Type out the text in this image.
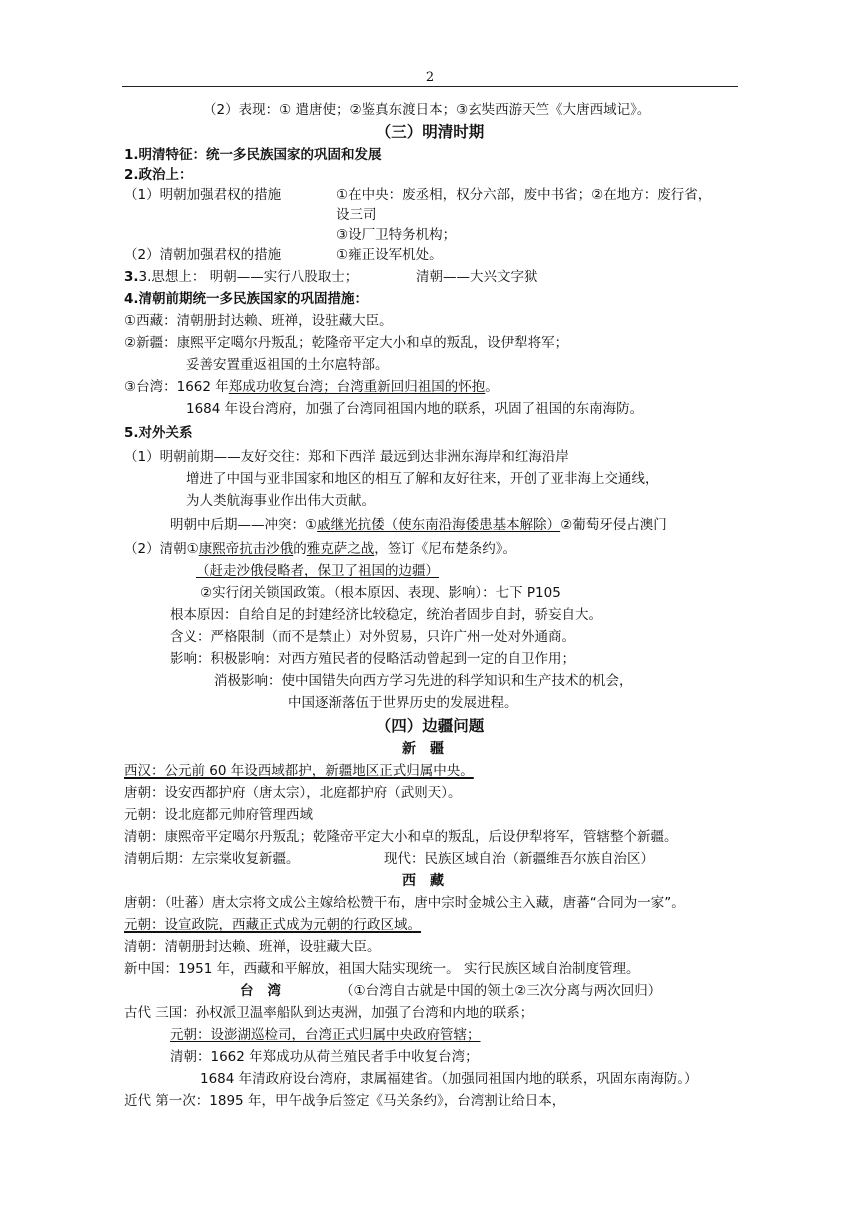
2
（2）表现：① 遣唐使；②鉴真东渡日本；③玄奘西游天竺《大唐西域记》。
（三）明清时期
1.明清特征：统一多民族国家的巩固和发展
2.政治上：
（1）明朝加强君权的措施	①在中央：废丞相，权分六部，废中书省；②在地方：废行省，
设三司
③设厂卫特务机构；
（2）清朝加强君权的措施	①雍正设军机处。
3.3.思想上： 明朝——实行八股取士；	清朝——大兴文字狱
4.清朝前期统一多民族国家的巩固措施：
①西藏：清朝册封达赖、班禅，设驻藏大臣。
②新疆：康熙平定噶尔丹叛乱；乾隆帝平定大小和卓的叛乱，设伊犁将军；
妥善安置重返祖国的土尔扈特部。
③台湾：1662 年郑成功收复台湾；台湾重新回归祖国的怀抱。
1684 年设台湾府，加强了台湾同祖国内地的联系，巩固了祖国的东南海防。
5.对外关系
（1）明朝前期——友好交往：郑和下西洋 最远到达非洲东海岸和红海沿岸
增进了中国与亚非国家和地区的相互了解和友好往来，开创了亚非海上交通线，
为人类航海事业作出伟大贡献。
明朝中后期——冲突：①戚继光抗倭（使东南沿海倭患基本解除）②葡萄牙侵占澳门
（2）清朝①康熙帝抗击沙俄的雅克萨之战，签订《尼布楚条约》。
（赶走沙俄侵略者，保卫了祖国的边疆）
②实行闭关锁国政策。（根本原因、表现、影响）：七下 P105
根本原因：自给自足的封建经济比较稳定，统治者固步自封，骄妄自大。
含义：严格限制（而不是禁止）对外贸易，只许广州一处对外通商。
影响：积极影响：对西方殖民者的侵略活动曾起到一定的自卫作用；
消极影响：使中国错失向西方学习先进的科学知识和生产技术的机会，
中国逐渐落伍于世界历史的发展进程。
（四）边疆问题
新疆
西汉：公元前 60 年设西域都护，新疆地区正式归属中央。
唐朝：设安西都护府（唐太宗），北庭都护府（武则天）。
元朝：设北庭都元帅府管理西域
清朝：康熙帝平定噶尔丹叛乱；乾隆帝平定大小和卓的叛乱，后设伊犁将军，管辖整个新疆。
清朝后期：左宗棠收复新疆。	现代：民族区域自治（新疆维吾尔族自治区）
西藏
唐朝：（吐蕃）唐太宗将文成公主嫁给松赞干布，唐中宗时金城公主入藏，唐蕃“合同为一家”。
元朝：设宣政院，西藏正式成为元朝的行政区域。
清朝：清朝册封达赖、班禅，设驻藏大臣。
新中国：1951 年，西藏和平解放，祖国大陆实现统一。 实行民族区域自治制度管理。
台湾	（①台湾自古就是中国的领土②三次分离与两次回归）
古代 三国：孙权派卫温率船队到达夷洲，加强了台湾和内地的联系；
元朝：设澎湖巡检司，台湾正式归属中央政府管辖；
清朝：1662 年郑成功从荷兰殖民者手中收复台湾；
1684 年清政府设台湾府，隶属福建省。（加强同祖国内地的联系，巩固东南海防。）
近代 第一次：1895 年，甲午战争后签定《马关条约》，台湾割让给日本，
